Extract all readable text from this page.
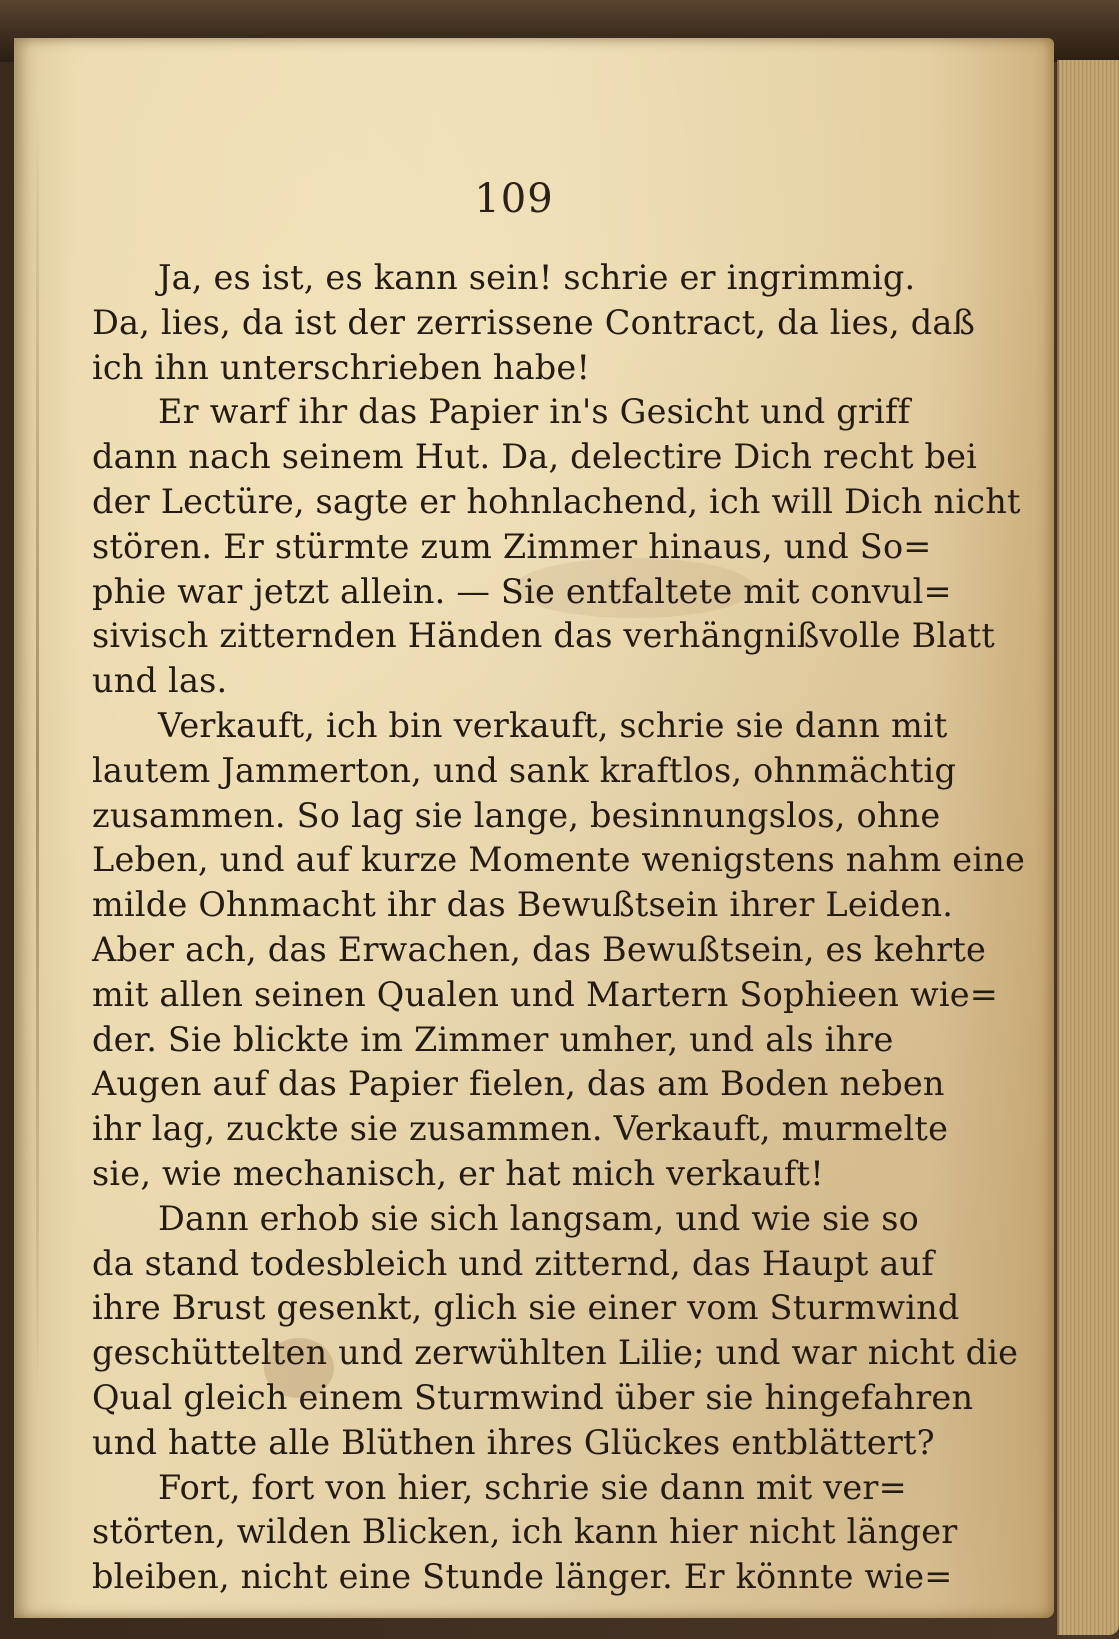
109
Ja, es ist, es kann sein! schrie er ingrimmig.
Da, lies, da ist der zerrissene Contract, da lies, daß
ich ihn unterschrieben habe!
Er warf ihr das Papier in's Gesicht und griff
dann nach seinem Hut. Da, delectire Dich recht bei
der Lectüre, sagte er hohnlachend, ich will Dich nicht
stören. Er stürmte zum Zimmer hinaus, und So=
phie war jetzt allein. — Sie entfaltete mit convul=
sivisch zitternden Händen das verhängnißvolle Blatt
und las.
Verkauft, ich bin verkauft, schrie sie dann mit
lautem Jammerton, und sank kraftlos, ohnmächtig
zusammen. So lag sie lange, besinnungslos, ohne
Leben, und auf kurze Momente wenigstens nahm eine
milde Ohnmacht ihr das Bewußtsein ihrer Leiden.
Aber ach, das Erwachen, das Bewußtsein, es kehrte
mit allen seinen Qualen und Martern Sophieen wie=
der. Sie blickte im Zimmer umher, und als ihre
Augen auf das Papier fielen, das am Boden neben
ihr lag, zuckte sie zusammen. Verkauft, murmelte
sie, wie mechanisch, er hat mich verkauft!
Dann erhob sie sich langsam, und wie sie so
da stand todesbleich und zitternd, das Haupt auf
ihre Brust gesenkt, glich sie einer vom Sturmwind
geschüttelten und zerwühlten Lilie; und war nicht die
Qual gleich einem Sturmwind über sie hingefahren
und hatte alle Blüthen ihres Glückes entblättert?
Fort, fort von hier, schrie sie dann mit ver=
störten, wilden Blicken, ich kann hier nicht länger
bleiben, nicht eine Stunde länger. Er könnte wie=
